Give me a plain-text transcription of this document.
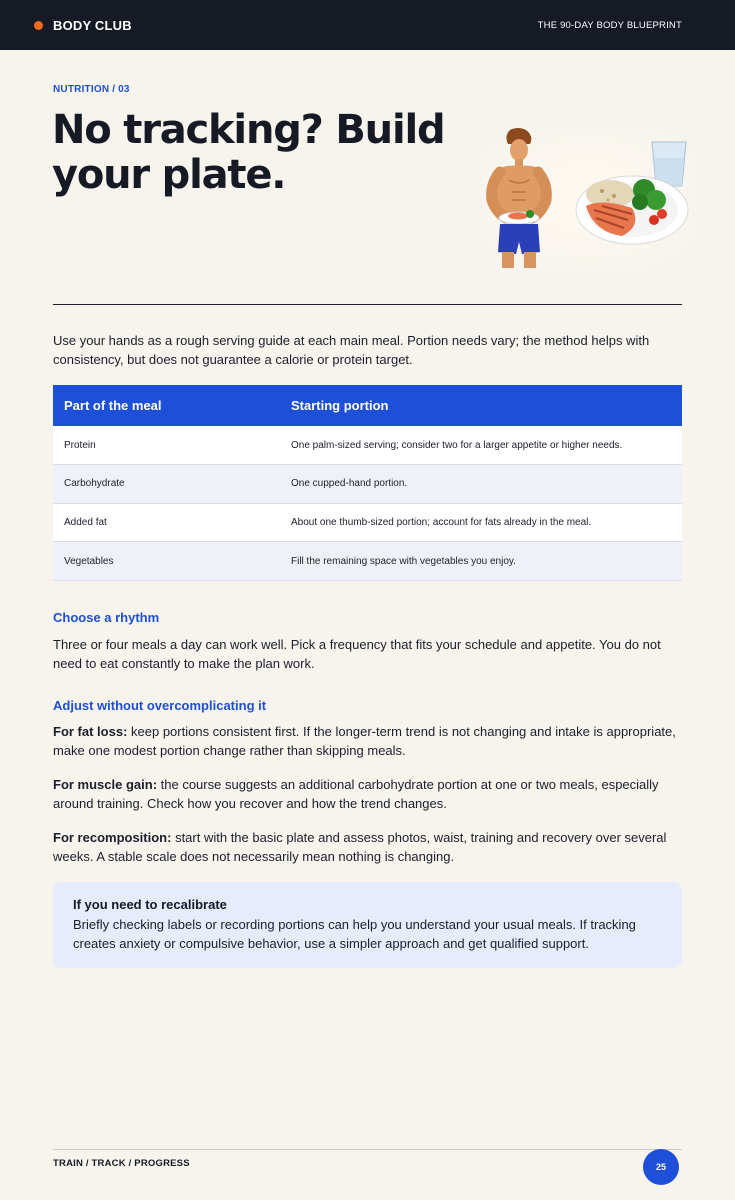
BODY CLUB	THE 90-DAY BODY BLUEPRINT
NUTRITION / 03
No tracking? Build your plate.

Use your hands as a rough serving guide at each main meal. Portion needs vary; the method helps with consistency, but does not guarantee a calorie or protein target.

Part of the meal	Starting portion
Protein	One palm-sized serving; consider two for a larger appetite or higher needs.
Carbohydrate	One cupped-hand portion.
Added fat	About one thumb-sized portion; account for fats already in the meal.
Vegetables	Fill the remaining space with vegetables you enjoy.
Choose a rhythm

Three or four meals a day can work well. Pick a frequency that fits your schedule and appetite. You do not need to eat constantly to make the plan work.

Adjust without overcomplicating it

For fat loss: keep portions consistent first. If the longer-term trend is not changing and intake is appropriate, make one modest portion change rather than skipping meals.

For muscle gain: the course suggests an additional carbohydrate portion at one or two meals, especially around training. Check how you recover and how the trend changes.

For recomposition: start with the basic plate and assess photos, waist, training and recovery over several weeks. A stable scale does not necessarily mean nothing is changing.

If you need to recalibrate
Briefly checking labels or recording portions can help you understand your usual meals. If tracking creates anxiety or compulsive behavior, use a simpler approach and get qualified support.
TRAIN / TRACK / PROGRESS	25
